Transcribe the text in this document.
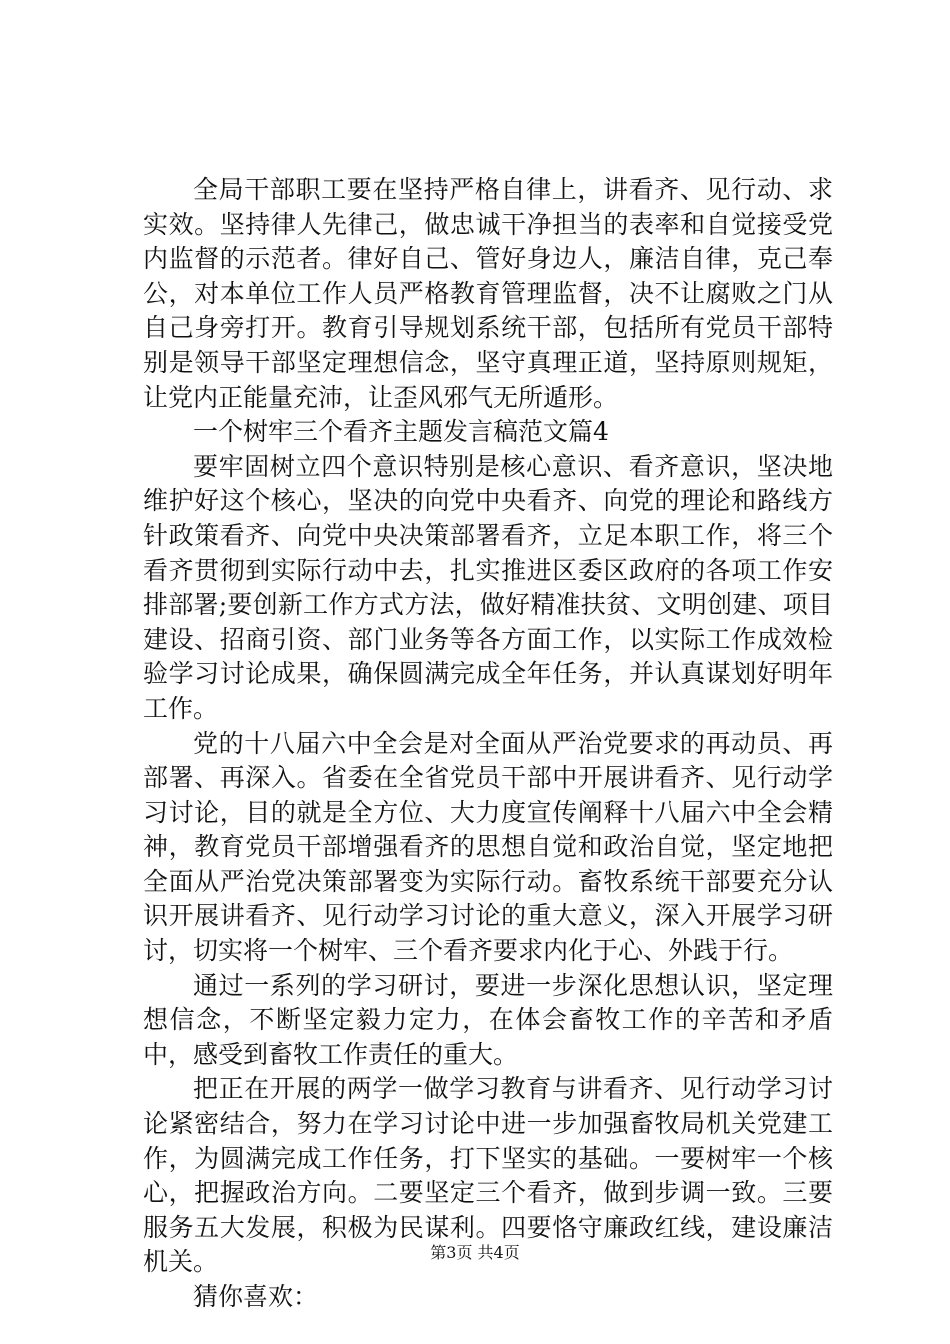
全局干部职工要在坚持严格自律上，讲看齐、见行动、求实效。坚持律人先律己，做忠诚干净担当的表率和自觉接受党内监督的示范者。律好自己、管好身边人，廉洁自律，克己奉公，对本单位工作人员严格教育管理监督，决不让腐败之门从自己身旁打开。教育引导规划系统干部，包括所有党员干部特别是领导干部坚定理想信念，坚守真理正道，坚持原则规矩，让党内正能量充沛，让歪风邪气无所遁形。

一个树牢三个看齐主题发言稿范文篇4

要牢固树立四个意识特别是核心意识、看齐意识，坚决地维护好这个核心，坚决的向党中央看齐、向党的理论和路线方针政策看齐、向党中央决策部署看齐，立足本职工作，将三个看齐贯彻到实际行动中去，扎实推进区委区政府的各项工作安排部署;要创新工作方式方法，做好精准扶贫、文明创建、项目建设、招商引资、部门业务等各方面工作，以实际工作成效检验学习讨论成果，确保圆满完成全年任务，并认真谋划好明年工作。

党的十八届六中全会是对全面从严治党要求的再动员、再部署、再深入。省委在全省党员干部中开展讲看齐、见行动学习讨论，目的就是全方位、大力度宣传阐释十八届六中全会精神，教育党员干部增强看齐的思想自觉和政治自觉，坚定地把全面从严治党决策部署变为实际行动。畜牧系统干部要充分认识开展讲看齐、见行动学习讨论的重大意义，深入开展学习研讨，切实将一个树牢、三个看齐要求内化于心、外践于行。

通过一系列的学习研讨，要进一步深化思想认识，坚定理想信念，不断坚定毅力定力，在体会畜牧工作的辛苦和矛盾中，感受到畜牧工作责任的重大。

把正在开展的两学一做学习教育与讲看齐、见行动学习讨论紧密结合，努力在学习讨论中进一步加强畜牧局机关党建工作，为圆满完成工作任务，打下坚实的基础。一要树牢一个核心，把握政治方向。二要坚定三个看齐，做到步调一致。三要服务五大发展，积极为民谋利。四要恪守廉政红线，建设廉洁机关。

猜你喜欢：

第3页 共4页
